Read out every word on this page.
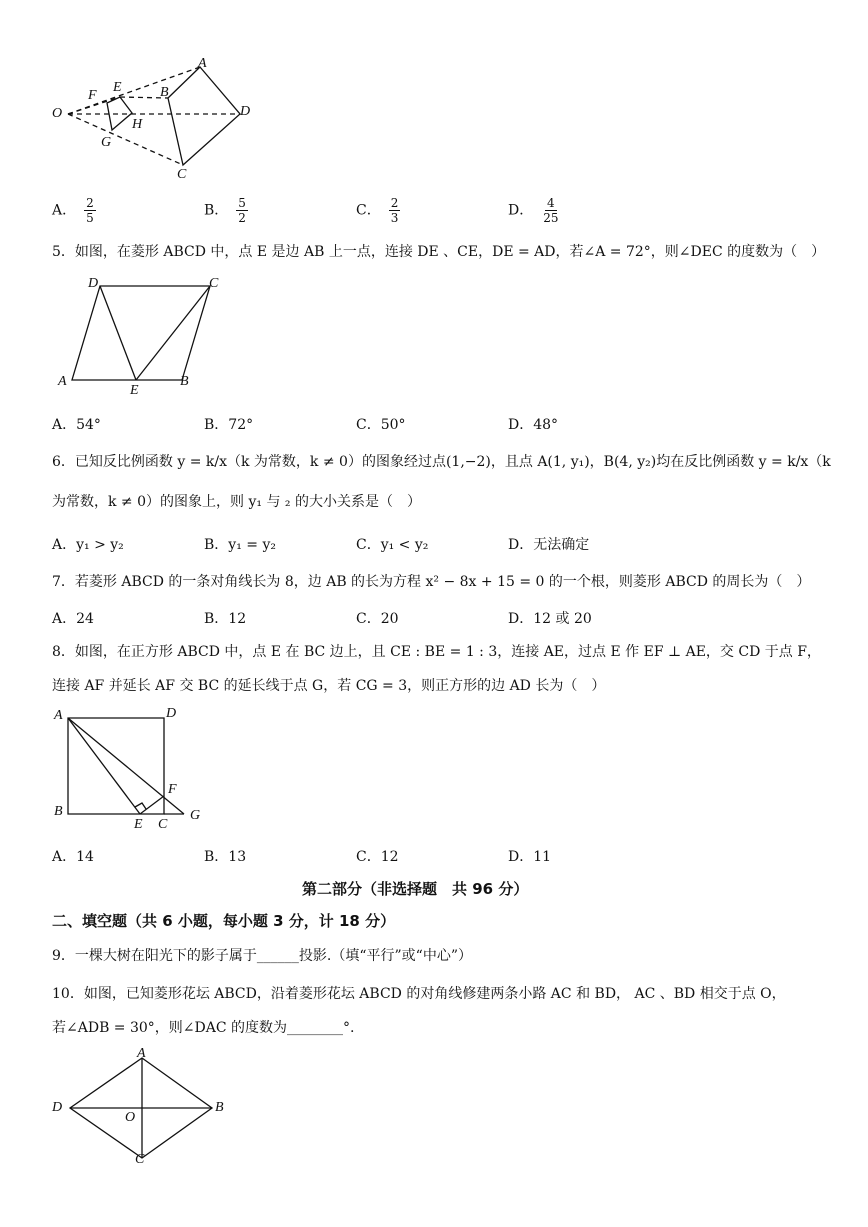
O
F
E
H
G
A
B
C
D
A． $\frac{2}{5}$	B． $\frac{5}{2}$	C． $\frac{2}{3}$	D． $\frac{4}{25}$
5．如图，在菱形 ABCD 中，点 E 是边 AB 上一点，连接 DE 、CE，DE = AD，若∠A = 72°，则∠DEC 的度数为（　）
D	C
A
E
B
A．54°	B．72°	C．50°	D．48°
6．已知反比例函数 y = k/x（k 为常数，k ≠ 0）的图象经过点(1,−2)，且点 A(1, y₁)，B(4, y₂)均在反比例函数 y = k/x（k
为常数，k ≠ 0）的图象上，则 y₁ 与 ₂ 的大小关系是（　）
A．y₁ > y₂	B．y₁ = y₂	C．y₁ < y₂	D．无法确定
7．若菱形 ABCD 的一条对角线长为 8，边 AB 的长为方程 x² − 8x + 15 = 0 的一个根，则菱形 ABCD 的周长为（　）
A．24	B．12	C．20	D．12 或 20
8．如图，在正方形 ABCD 中，点 E 在 BC 边上，且 CE : BE = 1 : 3，连接 AE，过点 E 作 EF ⊥ AE，交 CD 于点 F，
连接 AF 并延长 AF 交 BC 的延长线于点 G，若 CG = 3，则正方形的边 AD 长为（　）
A	D
B
E C
F
G
A．14	B．13	C．12	D．11
第二部分（非选择题　共 96 分）
二、填空题（共 6 小题，每小题 3 分，计 18 分）
9．一棵大树在阳光下的影子属于______投影.（填“平行”或“中心”）
10．如图，已知菱形花坛 ABCD，沿着菱形花坛 ABCD 的对角线修建两条小路 AC 和 BD， AC 、BD 相交于点 O，
若∠ADB = 30°，则∠DAC 的度数为________°.
A
D
O
B
C
